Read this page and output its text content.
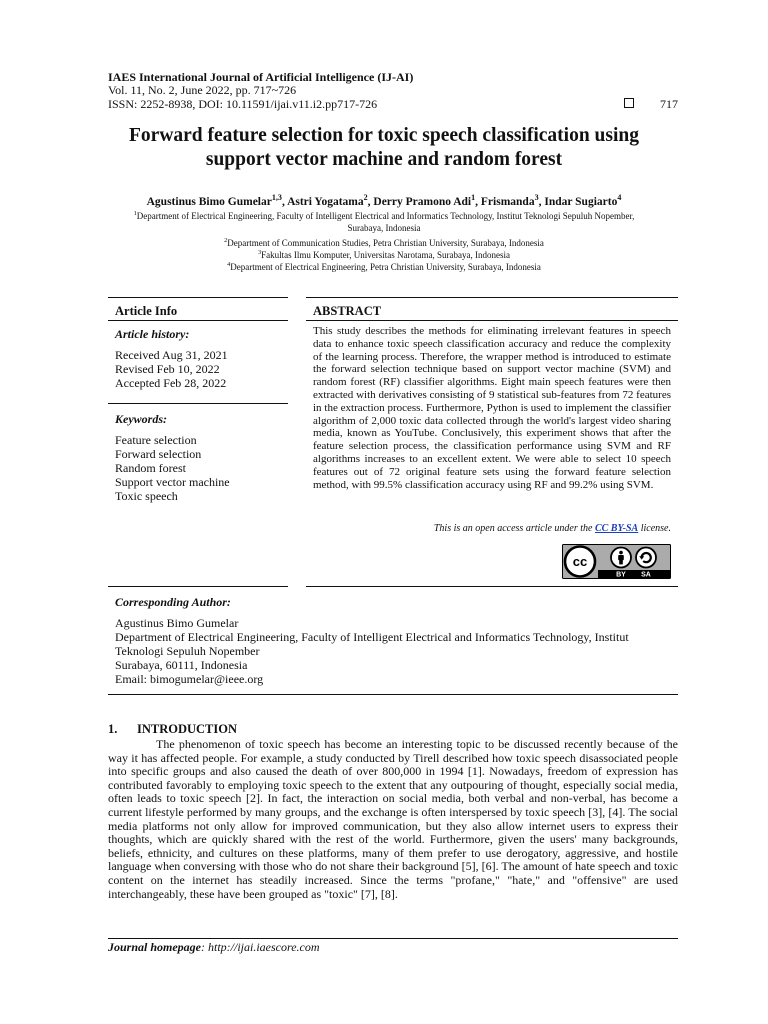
IAES International Journal of Artificial Intelligence (IJ-AI)
Vol. 11, No. 2, June 2022, pp. 717~726
ISSN: 2252-8938, DOI: 10.11591/ijai.v11.i2.pp717-726	717
Forward feature selection for toxic speech classification using support vector machine and random forest
Agustinus Bimo Gumelar$^{1,3}$, Astri Yogatama$^2$, Derry Pramono Adi$^1$, Frismanda$^3$, Indar Sugiarto$^4$

$^1$Department of Electrical Engineering, Faculty of Intelligent Electrical and Informatics Technology, Institut Teknologi Sepuluh Nopember, Surabaya, Indonesia

$^2$Department of Communication Studies, Petra Christian University, Surabaya, Indonesia

$^3$Fakultas Ilmu Komputer, Universitas Narotama, Surabaya, Indonesia

$^4$Department of Electrical Engineering, Petra Christian University, Surabaya, Indonesia

Article Info
Article history:
Received Aug 31, 2021
Revised Feb 10, 2022
Accepted Feb 28, 2022
Keywords:
Feature selection
Forward selection
Random forest
Support vector machine
Toxic speech
ABSTRACT
This study describes the methods for eliminating irrelevant features in speech data to enhance toxic speech classification accuracy and reduce the complexity of the learning process. Therefore, the wrapper method is introduced to estimate the forward selection technique based on support vector machine (SVM) and random forest (RF) classifier algorithms. Eight main speech features were then extracted with derivatives consisting of 9 statistical sub-features from 72 features in the extraction process. Furthermore, Python is used to implement the classifier algorithm of 2,000 toxic data collected through the world's largest video sharing media, known as YouTube. Conclusively, this experiment shows that after the feature selection process, the classification performance using SVM and RF algorithms increases to an excellent extent. We were able to select 10 speech features out of 72 original feature sets using the forward feature selection method, with 99.5% classification accuracy using RF and 99.2% using SVM.
This is an open access article under the CC BY-SA license.
cc
BY SA
Corresponding Author:
Agustinus Bimo Gumelar
Department of Electrical Engineering, Faculty of Intelligent Electrical and Informatics Technology, Institut
Teknologi Sepuluh Nopember
Surabaya, 60111, Indonesia
Email: bimogumelar@ieee.org
1. INTRODUCTION
The phenomenon of toxic speech has become an interesting topic to be discussed recently because of the way it has affected people. For example, a study conducted by Tirell described how toxic speech disassociated people into specific groups and also caused the death of over 800,000 in 1994 [1]. Nowadays, freedom of expression has contributed favorably to employing toxic speech to the extent that any outpouring of thought, especially social media, often leads to toxic speech [2]. In fact, the interaction on social media, both verbal and non-verbal, has become a current lifestyle performed by many groups, and the exchange is often interspersed by toxic speech [3], [4]. The social media platforms not only allow for improved communication, but they also allow internet users to express their thoughts, which are quickly shared with the rest of the world. Furthermore, given the users' many backgrounds, beliefs, ethnicity, and cultures on these platforms, many of them prefer to use derogatory, aggressive, and hostile language when conversing with those who do not share their background [5], [6]. The amount of hate speech and toxic content on the internet has steadily increased. Since the terms "profane," "hate," and "offensive" are used interchangeably, these have been grouped as "toxic" [7], [8].
Journal homepage: http://ijai.iaescore.com
